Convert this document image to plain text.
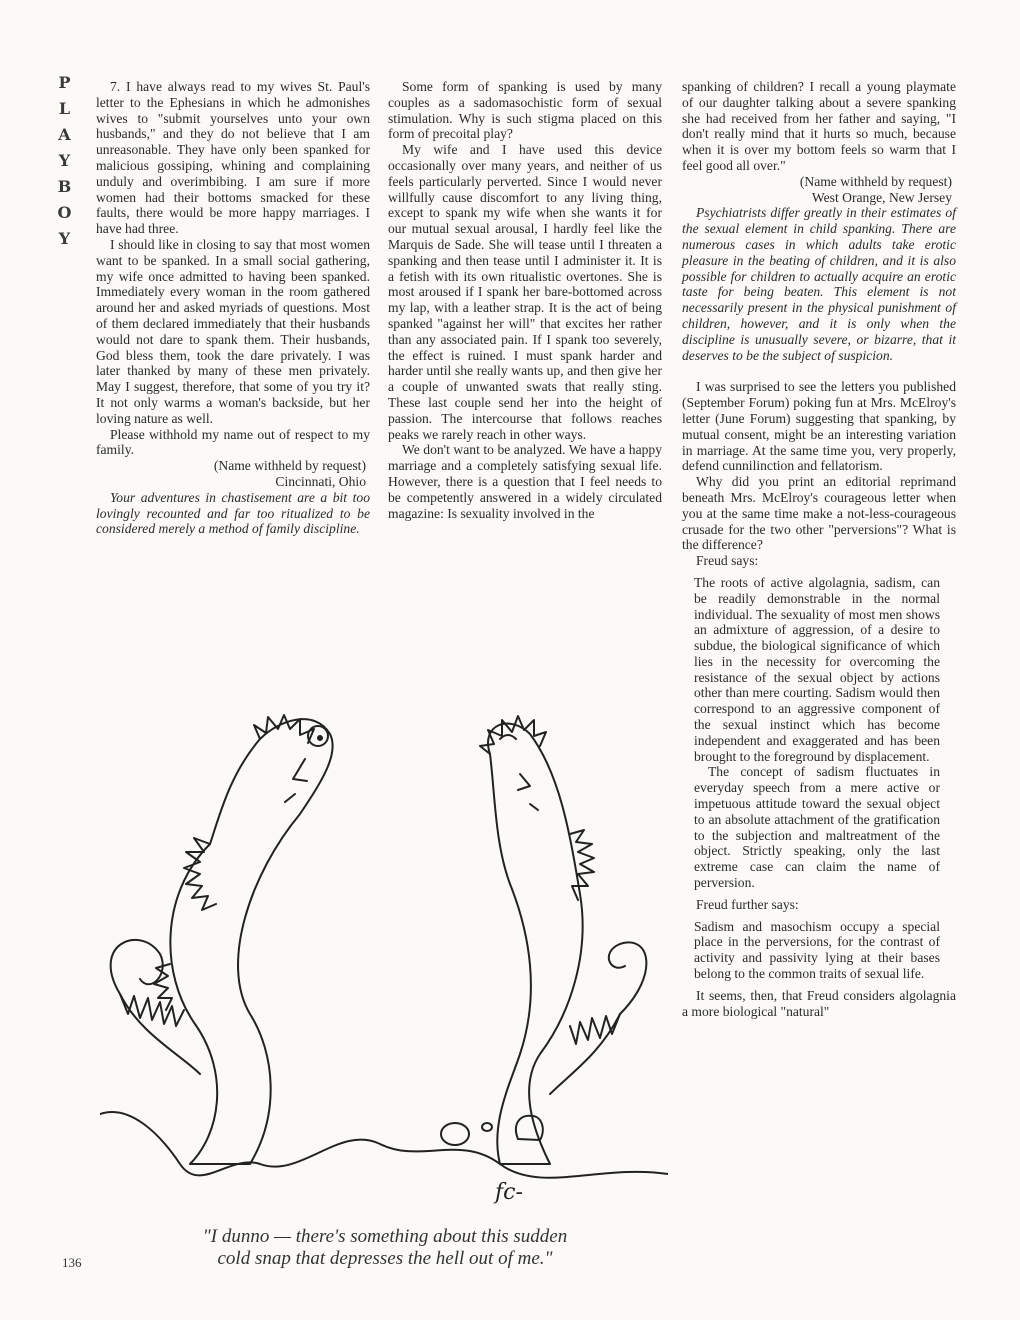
P
L
A
Y
B
O
Y

7. I have always read to my wives St. Paul's letter to the Ephesians in which he admonishes wives to "submit yourselves unto your own husbands," and they do not believe that I am unreasonable. They have only been spanked for malicious gossiping, whining and complaining unduly and overimbibing. I am sure if more women had their bottoms smacked for these faults, there would be more happy marriages. I have had three.

I should like in closing to say that most women want to be spanked. In a small social gathering, my wife once admitted to having been spanked. Immediately every woman in the room gathered around her and asked myriads of questions. Most of them declared immediately that their husbands would not dare to spank them. Their husbands, God bless them, took the dare privately. I was later thanked by many of these men privately. May I suggest, therefore, that some of you try it? It not only warms a woman's backside, but her loving nature as well.

Please withhold my name out of respect to my family.

(Name withheld by request)

Cincinnati, Ohio

Your adventures in chastisement are a bit too lovingly recounted and far too ritualized to be considered merely a method of family discipline.

Some form of spanking is used by many couples as a sadomasochistic form of sexual stimulation. Why is such stigma placed on this form of precoital play?

My wife and I have used this device occasionally over many years, and neither of us feels particularly perverted. Since I would never willfully cause discomfort to any living thing, except to spank my wife when she wants it for our mutual sexual arousal, I hardly feel like the Marquis de Sade. She will tease until I threaten a spanking and then tease until I administer it. It is a fetish with its own ritualistic overtones. She is most aroused if I spank her bare-bottomed across my lap, with a leather strap. It is the act of being spanked "against her will" that excites her rather than any associated pain. If I spank too severely, the effect is ruined. I must spank harder and harder until she really wants up, and then give her a couple of unwanted swats that really sting. These last couple send her into the height of passion. The intercourse that follows reaches peaks we rarely reach in other ways.

We don't want to be analyzed. We have a happy marriage and a completely satisfying sexual life. However, there is a question that I feel needs to be competently answered in a widely circulated magazine: Is sexuality involved in the

spanking of children? I recall a young playmate of our daughter talking about a severe spanking she had received from her father and saying, "I don't really mind that it hurts so much, because when it is over my bottom feels so warm that I feel good all over."

(Name withheld by request)

West Orange, New Jersey

Psychiatrists differ greatly in their estimates of the sexual element in child spanking. There are numerous cases in which adults take erotic pleasure in the beating of children, and it is also possible for children to actually acquire an erotic taste for being beaten. This element is not necessarily present in the physical punishment of children, however, and it is only when the discipline is unusually severe, or bizarre, that it deserves to be the subject of suspicion.

I was surprised to see the letters you published (September Forum) poking fun at Mrs. McElroy's letter (June Forum) suggesting that spanking, by mutual consent, might be an interesting variation in marriage. At the same time you, very properly, defend cunnilinction and fellatorism.

Why did you print an editorial reprimand beneath Mrs. McElroy's courageous letter when you at the same time make a not-less-courageous crusade for the two other "perversions"? What is the difference?

Freud says:

The roots of active algolagnia, sadism, can be readily demonstrable in the normal individual. The sexuality of most men shows an admixture of aggression, of a desire to subdue, the biological significance of which lies in the necessity for overcoming the resistance of the sexual object by actions other than mere courting. Sadism would then correspond to an aggressive component of the sexual instinct which has become independent and exaggerated and has been brought to the foreground by displacement.

The concept of sadism fluctuates in everyday speech from a mere active or impetuous attitude toward the sexual object to an absolute attachment of the gratification to the subjection and maltreatment of the object. Strictly speaking, only the last extreme case can claim the name of perversion.

Freud further says:

Sadism and masochism occupy a special place in the perversions, for the contrast of activity and passivity lying at their bases belong to the common traits of sexual life.

It seems, then, that Freud considers algolagnia a more biological "natural"

fc-
"I dunno — there's something about this sudden
cold snap that depresses the hell out of me."
136
